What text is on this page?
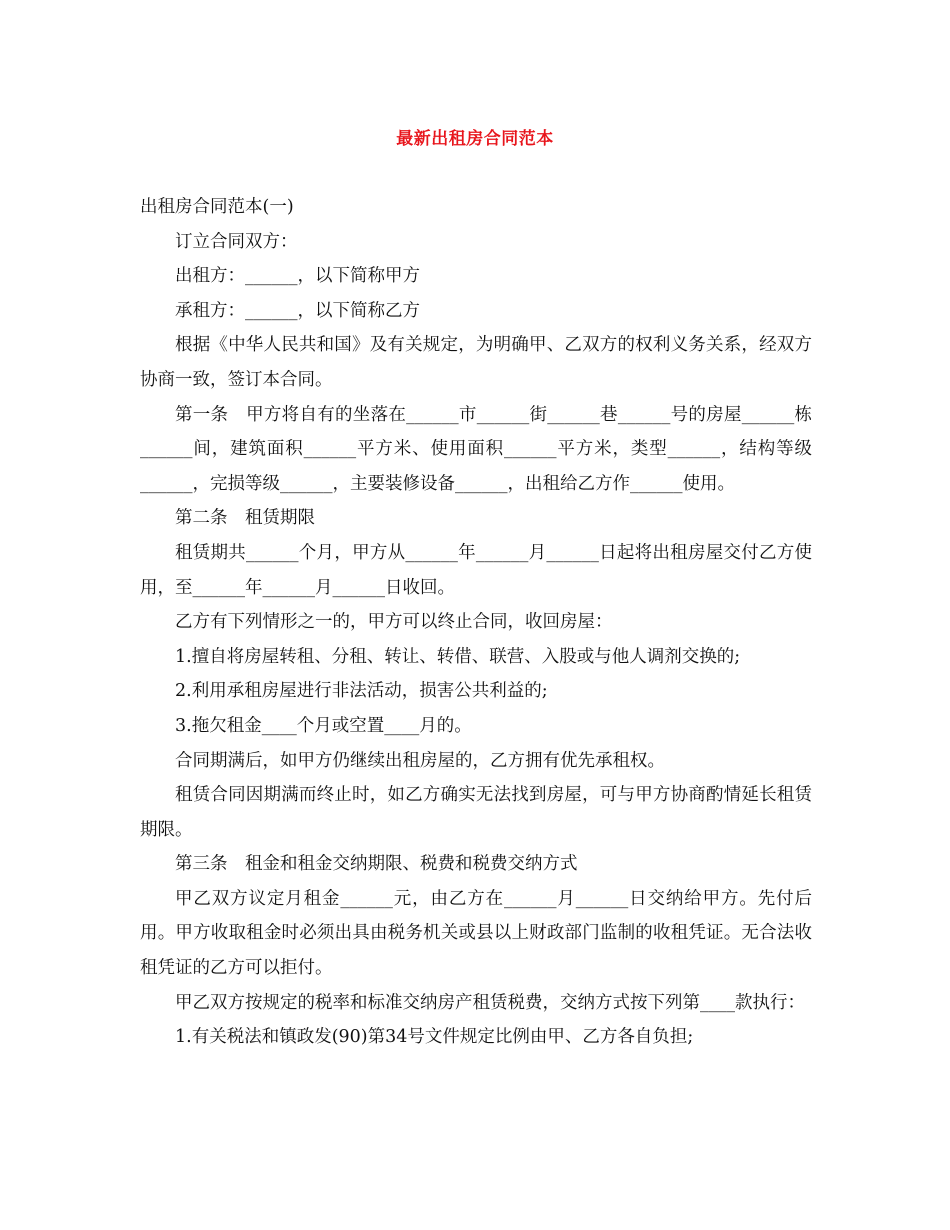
最新出租房合同范本

出租房合同范本(一)

订立合同双方：

出租方：______，以下简称甲方

承租方：______，以下简称乙方

根据《中华人民共和国》及有关规定，为明确甲、乙双方的权利义务关系，经双方协商一致，签订本合同。

第一条　甲方将自有的坐落在______市______街______巷______号的房屋______栋______间，建筑面积______平方米、使用面积______平方米，类型______，结构等级______，完损等级______，主要装修设备______，出租给乙方作______使用。

第二条　租赁期限

租赁期共______个月，甲方从______年______月______日起将出租房屋交付乙方使用，至______年______月______日收回。

乙方有下列情形之一的，甲方可以终止合同，收回房屋：

1.擅自将房屋转租、分租、转让、转借、联营、入股或与他人调剂交换的;

2.利用承租房屋进行非法活动，损害公共利益的;

3.拖欠租金____个月或空置____月的。

合同期满后，如甲方仍继续出租房屋的，乙方拥有优先承租权。

租赁合同因期满而终止时，如乙方确实无法找到房屋，可与甲方协商酌情延长租赁期限。

第三条　租金和租金交纳期限、税费和税费交纳方式

甲乙双方议定月租金______元，由乙方在______月______日交纳给甲方。先付后用。甲方收取租金时必须出具由税务机关或县以上财政部门监制的收租凭证。无合法收租凭证的乙方可以拒付。

甲乙双方按规定的税率和标准交纳房产租赁税费，交纳方式按下列第____款执行：

1.有关税法和镇政发(90)第34号文件规定比例由甲、乙方各自负担;
